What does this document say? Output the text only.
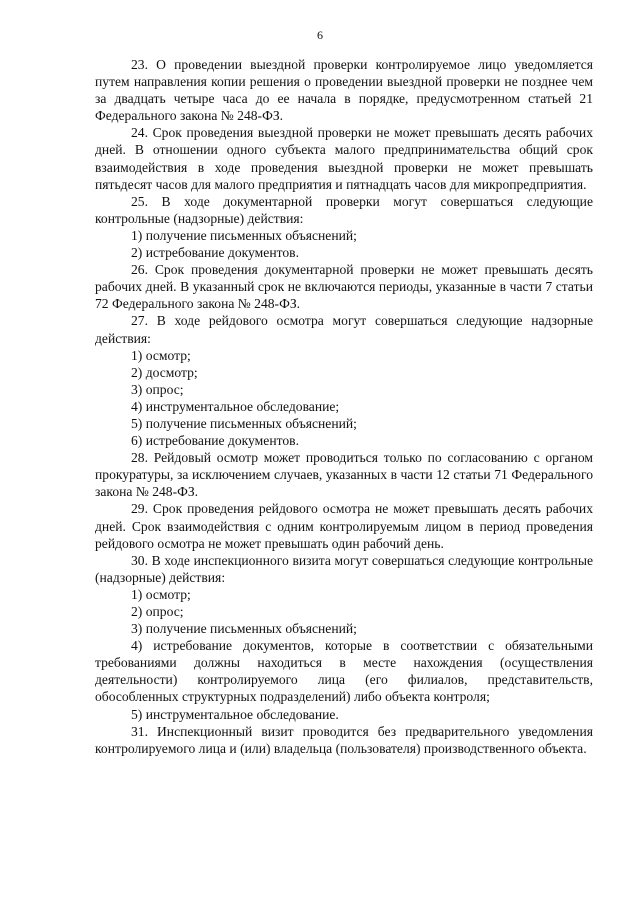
6

23. О проведении выездной проверки контролируемое лицо уведомляется путем направления копии решения о проведении выездной проверки не позднее чем за двадцать четыре часа до ее начала в порядке, предусмотренном статьей 21 Федерального закона № 248-ФЗ.

24. Срок проведения выездной проверки не может превышать десять рабочих дней. В отношении одного субъекта малого предпринимательства общий срок взаимодействия в ходе проведения выездной проверки не может превышать пятьдесят часов для малого предприятия и пятнадцать часов для микропредприятия.

25. В ходе документарной проверки могут совершаться следующие контрольные (надзорные) действия:

1) получение письменных объяснений;

2) истребование документов.

26. Срок проведения документарной проверки не может превышать десять рабочих дней. В указанный срок не включаются периоды, указанные в части 7 статьи 72 Федерального закона № 248-ФЗ.

27. В ходе рейдового осмотра могут совершаться следующие надзорные действия:

1) осмотр;

2) досмотр;

3) опрос;

4) инструментальное обследование;

5) получение письменных объяснений;

6) истребование документов.

28. Рейдовый осмотр может проводиться только по согласованию с органом прокуратуры, за исключением случаев, указанных в части 12 статьи 71 Федерального закона № 248-ФЗ.

29. Срок проведения рейдового осмотра не может превышать десять рабочих дней. Срок взаимодействия с одним контролируемым лицом в период проведения рейдового осмотра не может превышать один рабочий день.

30. В ходе инспекционного визита могут совершаться следующие контрольные (надзорные) действия:

1) осмотр;

2) опрос;

3) получение письменных объяснений;

4) истребование документов, которые в соответствии с обязательными требованиями должны находиться в месте нахождения (осуществления деятельности) контролируемого лица (его филиалов, представительств, обособленных структурных подразделений) либо объекта контроля;

5) инструментальное обследование.

31. Инспекционный визит проводится без предварительного уведомления контролируемого лица и (или) владельца (пользователя) производственного объекта.
